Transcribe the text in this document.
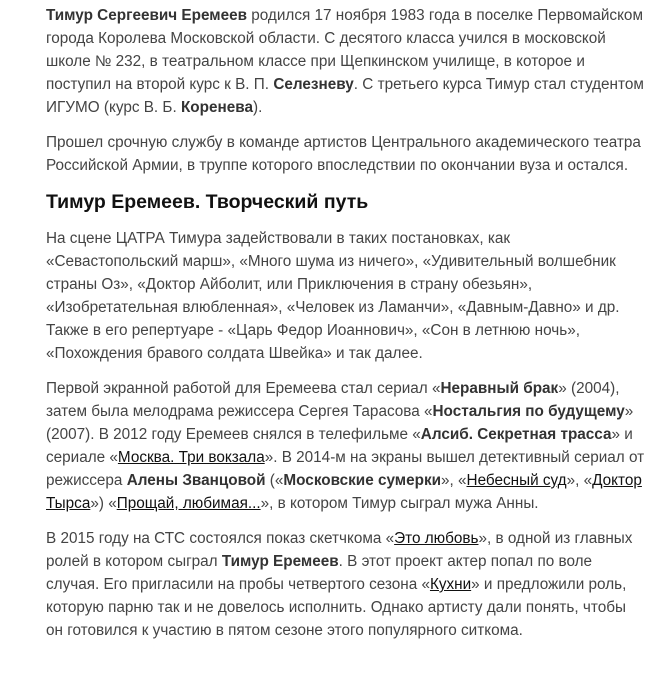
Тимур Сергеевич Еремеев родился 17 ноября 1983 года в поселке Первомайском города Королева Московской области. С десятого класса учился в московской школе № 232, в театральном классе при Щепкинском училище, в которое и поступил на второй курс к В. П. Селезневу. С третьего курса Тимур стал студентом ИГУМО (курс В. Б. Коренева).

Прошел срочную службу в команде артистов Центрального академического театра Российской Армии, в труппе которого впоследствии по окончании вуза и остался.

Тимур Еремеев. Творческий путь

На сцене ЦАТРА Тимура задействовали в таких постановках, как «Севастопольский марш», «Много шума из ничего», «Удивительный волшебник страны Оз», «Доктор Айболит, или Приключения в страну обезьян», «Изобретательная влюбленная», «Человек из Ламанчи», «Давным-Давно» и др. Также в его репертуаре - «Царь Федор Иоаннович», «Сон в летнюю ночь», «Похождения бравого солдата Швейка» и так далее.

Первой экранной работой для Еремеева стал сериал «Неравный брак» (2004), затем была мелодрама режиссера Сергея Тарасова «Ностальгия по будущему» (2007). В 2012 году Еремеев снялся в телефильме «Алсиб. Секретная трасса» и сериале «Москва. Три вокзала». В 2014-м на экраны вышел детективный сериал от режиссера Алены Званцовой («Московские сумерки», «Небесный суд», «Доктор Тырса») «Прощай, любимая...», в котором Тимур сыграл мужа Анны.

В 2015 году на СТС состоялся показ скетчкома «Это любовь», в одной из главных ролей в котором сыграл Тимур Еремеев. В этот проект актер попал по воле случая. Его пригласили на пробы четвертого сезона «Кухни» и предложили роль, которую парню так и не довелось исполнить. Однако артисту дали понять, чтобы он готовился к участию в пятом сезоне этого популярного ситкома.
